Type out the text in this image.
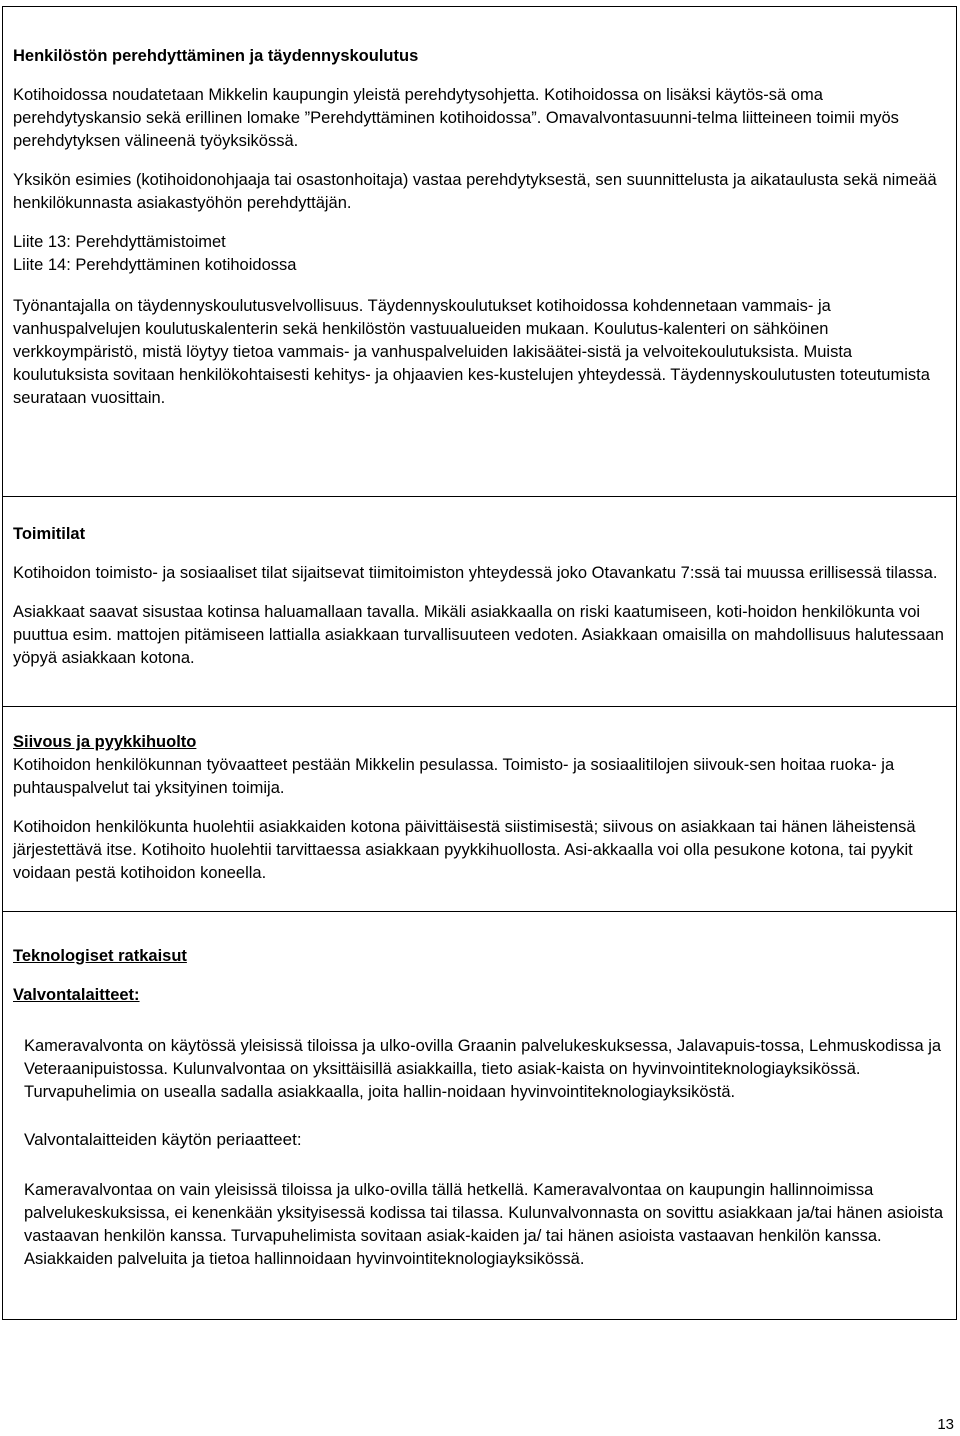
Henkilöstön perehdyttäminen ja täydennyskoulutus

Kotihoidossa noudatetaan Mikkelin kaupungin yleistä perehdytysohjetta. Kotihoidossa on lisäksi käytös-sä oma perehdytyskansio sekä erillinen lomake ”Perehdyttäminen kotihoidossa”. Omavalvontasuunni-telma liitteineen toimii myös perehdytyksen välineenä työyksikössä.

Yksikön esimies (kotihoidonohjaaja tai osastonhoitaja) vastaa perehdytyksestä, sen suunnittelusta ja aikataulusta sekä nimeää henkilökunnasta asiakastyöhön perehdyttäjän.

Liite 13: Perehdyttämistoimet

Liite 14: Perehdyttäminen kotihoidossa

Työnantajalla on täydennyskoulutusvelvollisuus. Täydennyskoulutukset kotihoidossa kohdennetaan vammais- ja vanhuspalvelujen koulutuskalenterin sekä henkilöstön vastuualueiden mukaan. Koulutus-kalenteri on sähköinen verkkoympäristö, mistä löytyy tietoa vammais- ja vanhuspalveluiden lakisäätei-sistä ja velvoitekoulutuksista. Muista koulutuksista sovitaan henkilökohtaisesti kehitys- ja ohjaavien kes-kustelujen yhteydessä. Täydennyskoulutusten toteutumista seurataan vuosittain.

Toimitilat

Kotihoidon toimisto- ja sosiaaliset tilat sijaitsevat tiimitoimiston yhteydessä joko Otavankatu 7:ssä tai muussa erillisessä tilassa.

Asiakkaat saavat sisustaa kotinsa haluamallaan tavalla. Mikäli asiakkaalla on riski kaatumiseen, koti-hoidon henkilökunta voi puuttua esim. mattojen pitämiseen lattialla asiakkaan turvallisuuteen vedoten. Asiakkaan omaisilla on mahdollisuus halutessaan yöpyä asiakkaan kotona.

Siivous ja pyykkihuolto

Kotihoidon henkilökunnan työvaatteet pestään Mikkelin pesulassa. Toimisto- ja sosiaalitilojen siivouk-sen hoitaa ruoka- ja puhtauspalvelut tai yksityinen toimija.

Kotihoidon henkilökunta huolehtii asiakkaiden kotona päivittäisestä siistimisestä; siivous on asiakkaan tai hänen läheistensä järjestettävä itse. Kotihoito huolehtii tarvittaessa asiakkaan pyykkihuollosta. Asi-akkaalla voi olla pesukone kotona, tai pyykit voidaan pestä kotihoidon koneella.

Teknologiset ratkaisut
Valvontalaitteet:

Kameravalvonta on käytössä yleisissä tiloissa ja ulko-ovilla Graanin palvelukeskuksessa, Jalavapuis-tossa, Lehmuskodissa ja Veteraanipuistossa. Kulunvalvontaa on yksittäisillä asiakkailla, tieto asiak-kaista on hyvinvointiteknologiayksikössä. Turvapuhelimia on usealla sadalla asiakkaalla, joita hallin-noidaan hyvinvointiteknologiayksiköstä.

Valvontalaitteiden käytön periaatteet:

Kameravalvontaa on vain yleisissä tiloissa ja ulko-ovilla tällä hetkellä. Kameravalvontaa on kaupungin hallinnoimissa palvelukeskuksissa, ei kenenkään yksityisessä kodissa tai tilassa. Kulunvalvonnasta on sovittu asiakkaan ja/tai hänen asioista vastaavan henkilön kanssa. Turvapuhelimista sovitaan asiak-kaiden ja/ tai hänen asioista vastaavan henkilön kanssa. Asiakkaiden palveluita ja tietoa hallinnoidaan hyvinvointiteknologiayksikössä.

13
